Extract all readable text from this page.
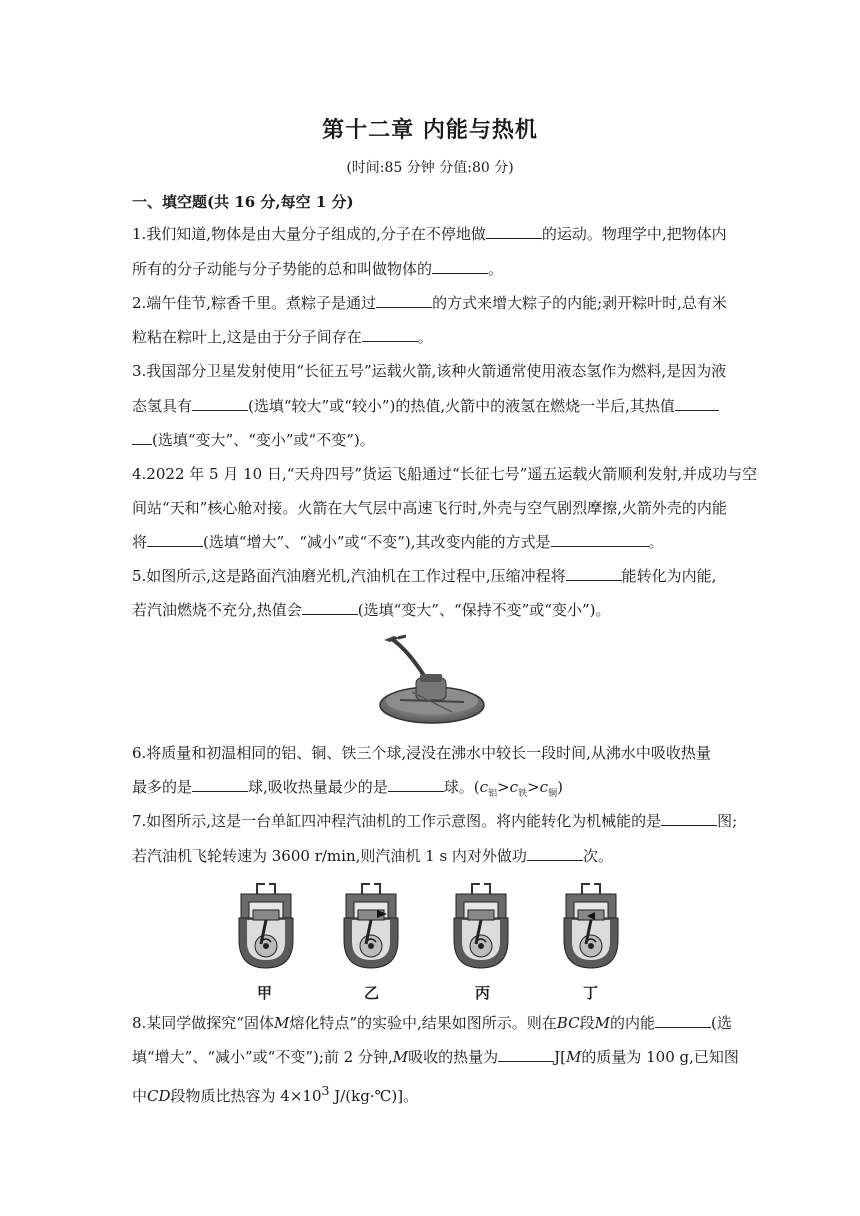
第十二章 内能与热机
(时间:85 分钟 分值:80 分)
一、填空题(共 16 分,每空 1 分)
1.我们知道,物体是由大量分子组成的,分子在不停地做	的运动。物理学中,把物体内
所有的分子动能与分子势能的总和叫做物体的	。
2.端午佳节,粽香千里。煮粽子是通过	的方式来增大粽子的内能;剥开粽叶时,总有米
粒粘在粽叶上,这是由于分子间存在	。
3.我国部分卫星发射使用“长征五号”运载火箭,该种火箭通常使用液态氢作为燃料,是因为液
态氢具有	(选填“较大”或“较小”)的热值,火箭中的液氢在燃烧一半后,其热值
(选填“变大”、“变小”或“不变”)。
4.2022 年 5 月 10 日,“天舟四号”货运飞船通过“长征七号”遥五运载火箭顺利发射,并成功与空
间站“天和”核心舱对接。火箭在大气层中高速飞行时,外壳与空气剧烈摩擦,火箭外壳的内能
将	(选填“增大”、“减小”或“不变”),其改变内能的方式是	。
5.如图所示,这是路面汽油磨光机,汽油机在工作过程中,压缩冲程将	能转化为内能,
若汽油燃烧不充分,热值会	(选填“变大”、“保持不变”或“变小”)。
6.将质量和初温相同的铝、铜、铁三个球,浸没在沸水中较长一段时间,从沸水中吸收热量
最多的是	球,吸收热量最少的是	球。$(c_铝>c_铁>c_铜)$
7.如图所示,这是一台单缸四冲程汽油机的工作示意图。将内能转化为机械能的是	图;
若汽油机飞轮转速为 3600 r/min,则汽油机 1 s 内对外做功	次。
甲	乙	丙	丁
8.某同学做探究“固体M熔化特点”的实验中,结果如图所示。则在BC段M的内能	(选
填“增大”、“减小”或“不变”);前 2 分钟,M吸收的热量为	J[M的质量为 100 g,已知图
中CD段物质比热容为 $4\times 10^3$ J/(kg·℃)]。
